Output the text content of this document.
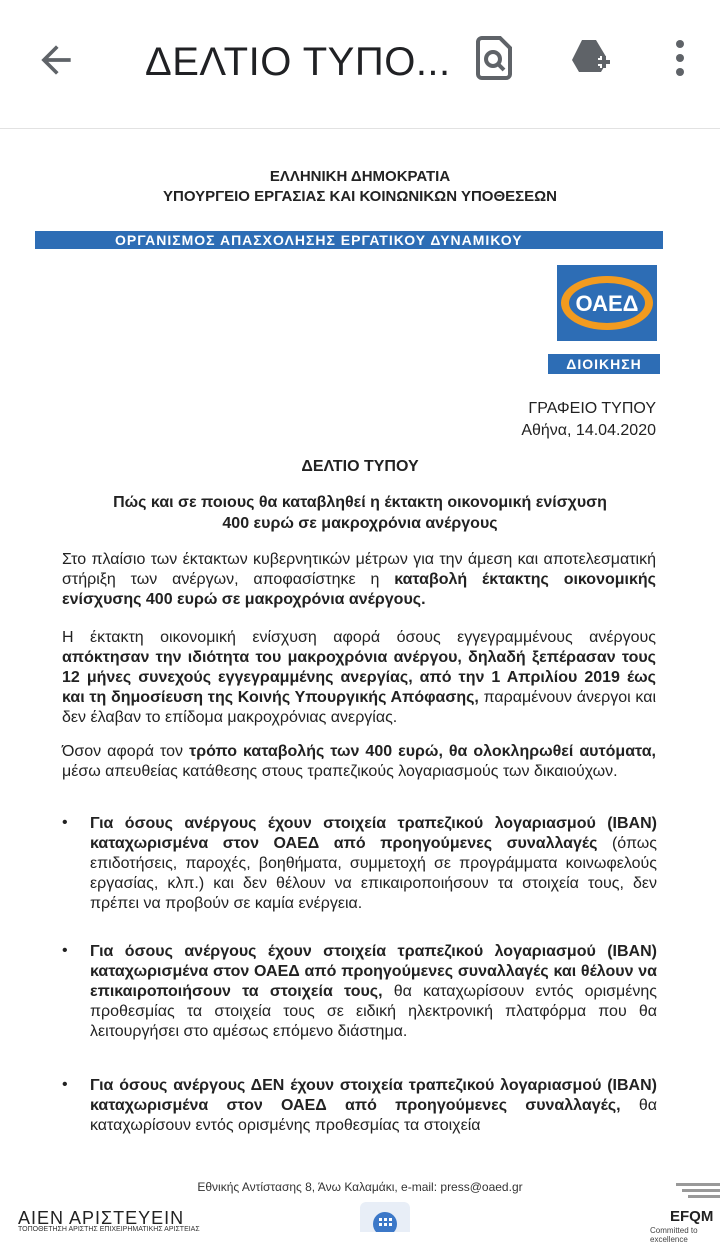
ΔΕΛΤΙΟ ΤΥΠΟ...
ΕΛΛΗΝΙΚΗ ΔΗΜΟΚΡΑΤΙΑ
ΥΠΟΥΡΓΕΙΟ ΕΡΓΑΣΙΑΣ ΚΑΙ ΚΟΙΝΩΝΙΚΩΝ ΥΠΟΘΕΣΕΩΝ
ΟΡΓΑΝΙΣΜΟΣ ΑΠΑΣΧΟΛΗΣΗΣ ΕΡΓΑΤΙΚΟΥ ΔΥΝΑΜΙΚΟΥ
ΟΑΕΔ
ΔΙΟΙΚΗΣΗ
ΓΡΑΦΕΙΟ ΤΥΠΟΥ
Αθήνα, 14.04.2020
ΔΕΛΤΙΟ ΤΥΠΟΥ
Πώς και σε ποιους θα καταβληθεί η έκτακτη οικονομική ενίσχυση
400 ευρώ σε μακροχρόνια ανέργους
Στο πλαίσιο των έκτακτων κυβερνητικών μέτρων για την άμεση και αποτελεσματική στήριξη των ανέργων, αποφασίστηκε η καταβολή έκτακτης οικονομικής ενίσχυσης 400 ευρώ σε μακροχρόνια ανέργους.
Η έκτακτη οικονομική ενίσχυση αφορά όσους εγγεγραμμένους ανέργους απόκτησαν την ιδιότητα του μακροχρόνια ανέργου, δηλαδή ξεπέρασαν τους 12 μήνες συνεχούς εγγεγραμμένης ανεργίας, από την 1 Απριλίου 2019 έως και τη δημοσίευση της Κοινής Υπουργικής Απόφασης, παραμένουν άνεργοι και δεν έλαβαν το επίδομα μακροχρόνιας ανεργίας.
Όσον αφορά τον τρόπο καταβολής των 400 ευρώ, θα ολοκληρωθεί αυτόματα, μέσω απευθείας κατάθεσης στους τραπεζικούς λογαριασμούς των δικαιούχων.
•	Για όσους ανέργους έχουν στοιχεία τραπεζικού λογαριασμού (IBAN) καταχωρισμένα στον ΟΑΕΔ από προηγούμενες συναλλαγές (όπως επιδοτήσεις, παροχές, βοηθήματα, συμμετοχή σε προγράμματα κοινωφελούς εργασίας, κλπ.) και δεν θέλουν να επικαιροποιήσουν τα στοιχεία τους, δεν πρέπει να προβούν σε καμία ενέργεια.
•	Για όσους ανέργους έχουν στοιχεία τραπεζικού λογαριασμού (IBAN) καταχωρισμένα στον ΟΑΕΔ από προηγούμενες συναλλαγές και θέλουν να επικαιροποιήσουν τα στοιχεία τους, θα καταχωρίσουν εντός ορισμένης προθεσμίας τα στοιχεία τους σε ειδική ηλεκτρονική πλατφόρμα που θα λειτουργήσει στο αμέσως επόμενο διάστημα.
•	Για όσους ανέργους ΔΕΝ έχουν στοιχεία τραπεζικού λογαριασμού (IBAN) καταχωρισμένα στον ΟΑΕΔ από προηγούμενες συναλλαγές, θα καταχωρίσουν εντός ορισμένης προθεσμίας τα στοιχεία
Εθνικής Αντίστασης 8, Άνω Καλαμάκι, e-mail: press@oaed.gr
ΑΙΕΝ ΑΡΙΣΤΕΥΕΙΝ
ΤΟΠΟΘΕΤΗΣΗ ΑΡΙΣΤΗΣ ΕΠΙΧΕΙΡΗΜΑΤΙΚΗΣ ΑΡΙΣΤΕΙΑΣ
EFQM
Committed to excellence
